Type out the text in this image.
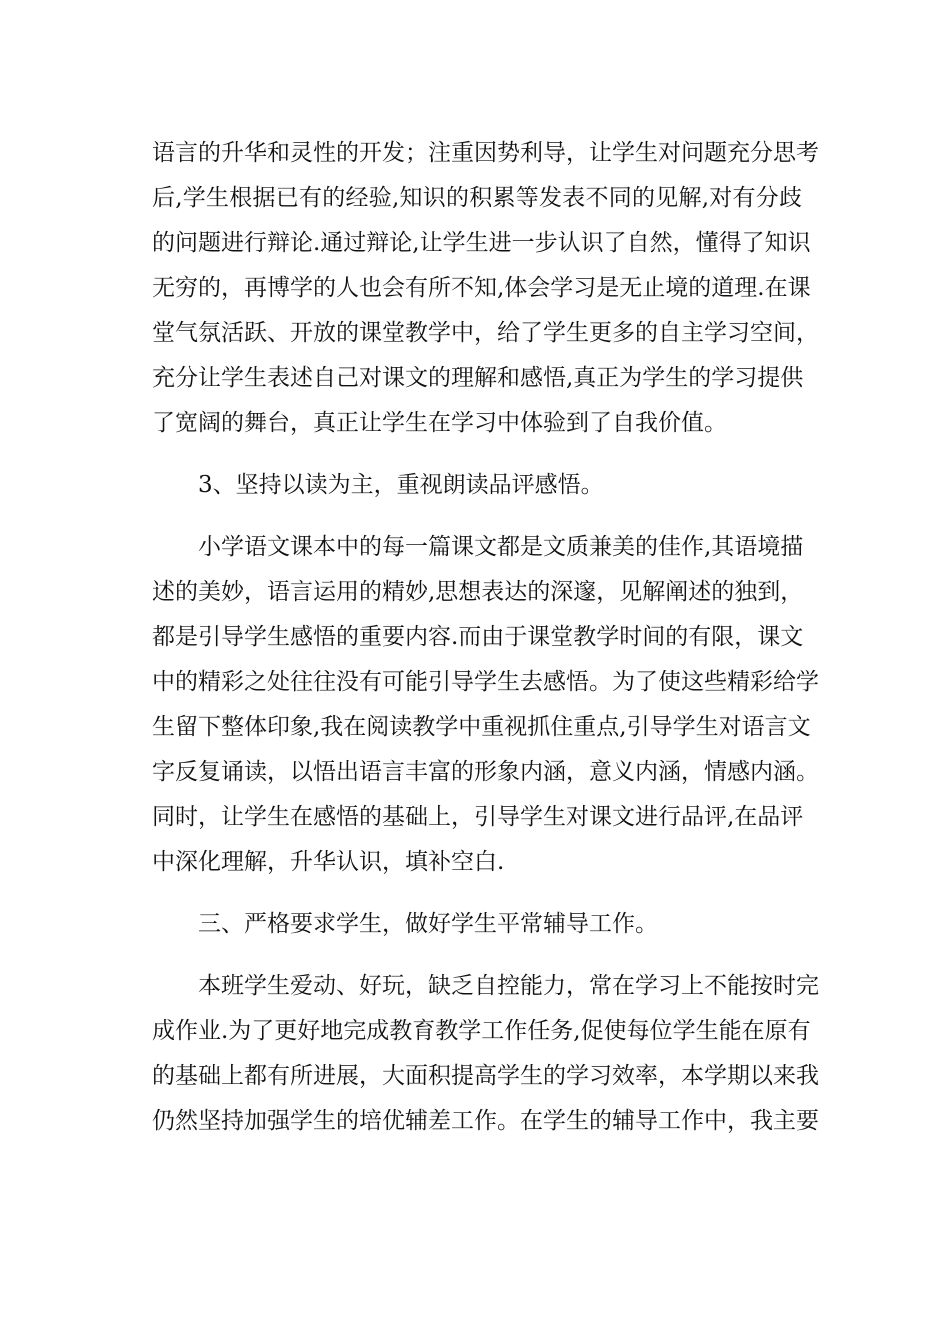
语言的升华和灵性的开发；注重因势利导，让学生对问题充分思考
后,学生根据已有的经验,知识的积累等发表不同的见解,对有分歧
的问题进行辩论.通过辩论,让学生进一步认识了自然，懂得了知识
无穷的，再博学的人也会有所不知,体会学习是无止境的道理.在课
堂气氛活跃、开放的课堂教学中，给了学生更多的自主学习空间，
充分让学生表述自己对课文的理解和感悟,真正为学生的学习提供
了宽阔的舞台，真正让学生在学习中体验到了自我价值。
3、坚持以读为主，重视朗读品评感悟。
小学语文课本中的每一篇课文都是文质兼美的佳作,其语境描
述的美妙，语言运用的精妙,思想表达的深邃，见解阐述的独到，
都是引导学生感悟的重要内容.而由于课堂教学时间的有限，课文
中的精彩之处往往没有可能引导学生去感悟。为了使这些精彩给学
生留下整体印象,我在阅读教学中重视抓住重点,引导学生对语言文
字反复诵读，以悟出语言丰富的形象内涵，意义内涵，情感内涵。
同时，让学生在感悟的基础上，引导学生对课文进行品评,在品评
中深化理解，升华认识，填补空白.
三、严格要求学生，做好学生平常辅导工作。
本班学生爱动、好玩，缺乏自控能力，常在学习上不能按时完
成作业.为了更好地完成教育教学工作任务,促使每位学生能在原有
的基础上都有所进展，大面积提高学生的学习效率，本学期以来我
仍然坚持加强学生的培优辅差工作。在学生的辅导工作中，我主要
